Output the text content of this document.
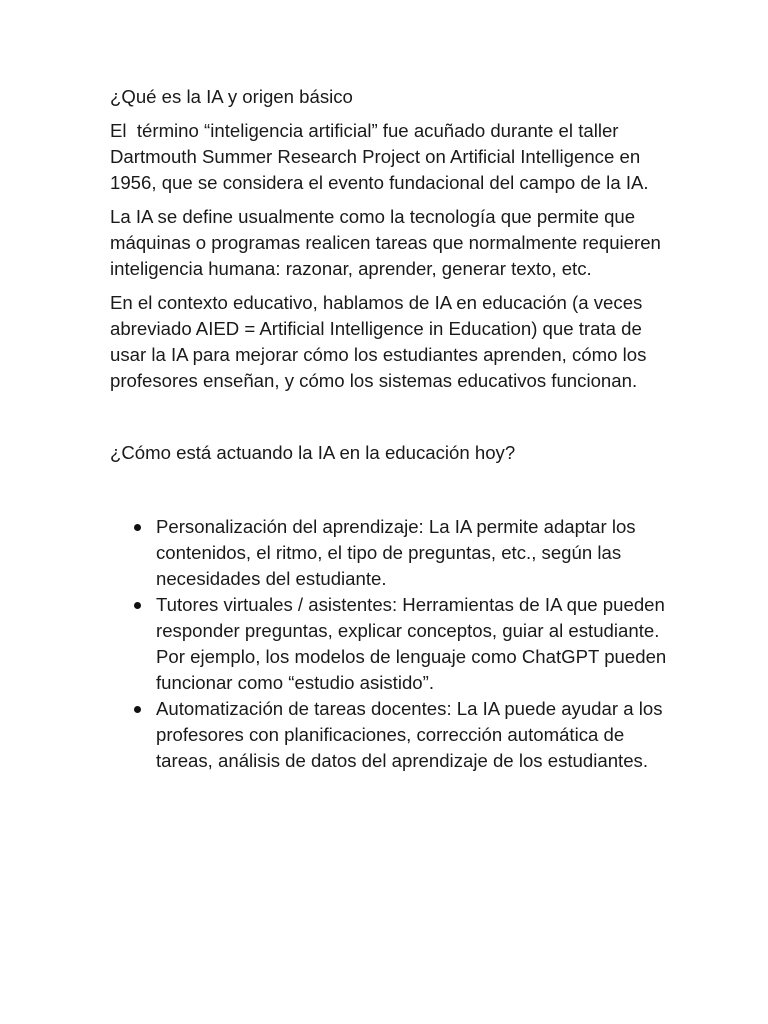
¿Qué es la IA y origen básico

El  término “inteligencia artificial” fue acuñado durante el taller Dartmouth Summer Research Project on Artificial Intelligence en 1956, que se considera el evento fundacional del campo de la IA.

La IA se define usualmente como la tecnología que permite que máquinas o programas realicen tareas que normalmente requieren inteligencia humana: razonar, aprender, generar texto, etc.

En el contexto educativo, hablamos de IA en educación (a veces abreviado AIED = Artificial Intelligence in Education) que trata de usar la IA para mejorar cómo los estudiantes aprenden, cómo los profesores enseñan, y cómo los sistemas educativos funcionan.

¿Cómo está actuando la IA en la educación hoy?
Personalización del aprendizaje: La IA permite adaptar los contenidos, el ritmo, el tipo de preguntas, etc., según las necesidades del estudiante.
Tutores virtuales / asistentes: Herramientas de IA que pueden responder preguntas, explicar conceptos, guiar al estudiante. Por ejemplo, los modelos de lenguaje como ChatGPT pueden funcionar como “estudio asistido”.
Automatización de tareas docentes: La IA puede ayudar a los profesores con planificaciones, corrección automática de tareas, análisis de datos del aprendizaje de los estudiantes.
